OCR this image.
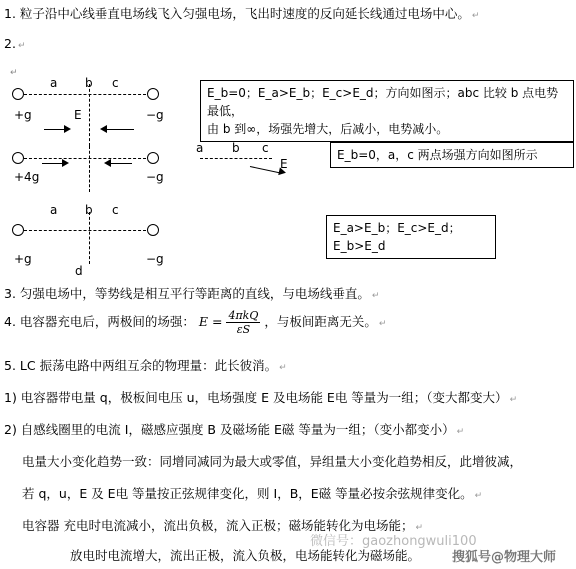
1. 粒子沿中心线垂直电场线飞入匀强电场，飞出时速度的反向延长线通过电场中心。 ↵
2. ↵
↵
a b c
+g	E	−g
E_b=0；E_a>E_b；E_c>E_d；方向如图示；abc 比较 b 点电势最低，
由 b 到∞，场强先增大，后减小，电势减小。
a b c
E
+4g	−g
E_b=0，a，c 两点场强方向如图所示
a b c
+g	−g
d
E_a>E_b；E_c>E_d；E_b>E_d
3. 匀强电场中，等势线是相互平行等距离的直线，与电场线垂直。 ↵
4. 电容器充电后，两极间的场强： $E = \frac{\text{4πkQ}}{\varepsilon S}$ ，与板间距离无关。 ↵
5. LC 振荡电路中两组互余的物理量：此长彼消。 ↵
1) 电容器带电量 q，极板间电压 u，电场强度 E 及电场能 E电 等量为一组；（变大都变大） ↵
2) 自感线圈里的电流 I，磁感应强度 B 及磁场能 E磁 等量为一组；（变小都变小） ↵
电量大小变化趋势一致：同增同减同为最大或零值，异组量大小变化趋势相反，此增彼减，
若 q，u，E 及 E电 等量按正弦规律变化，则 I，B，E磁 等量必按余弦规律变化。 ↵
电容器 充电时电流减小，流出负极，流入正极；磁场能转化为电场能； ↵
放电时电流增大，流出正极，流入负极，电场能转化为磁场能。
微信号：gaozhongwuli100
搜狐号@物理大师
